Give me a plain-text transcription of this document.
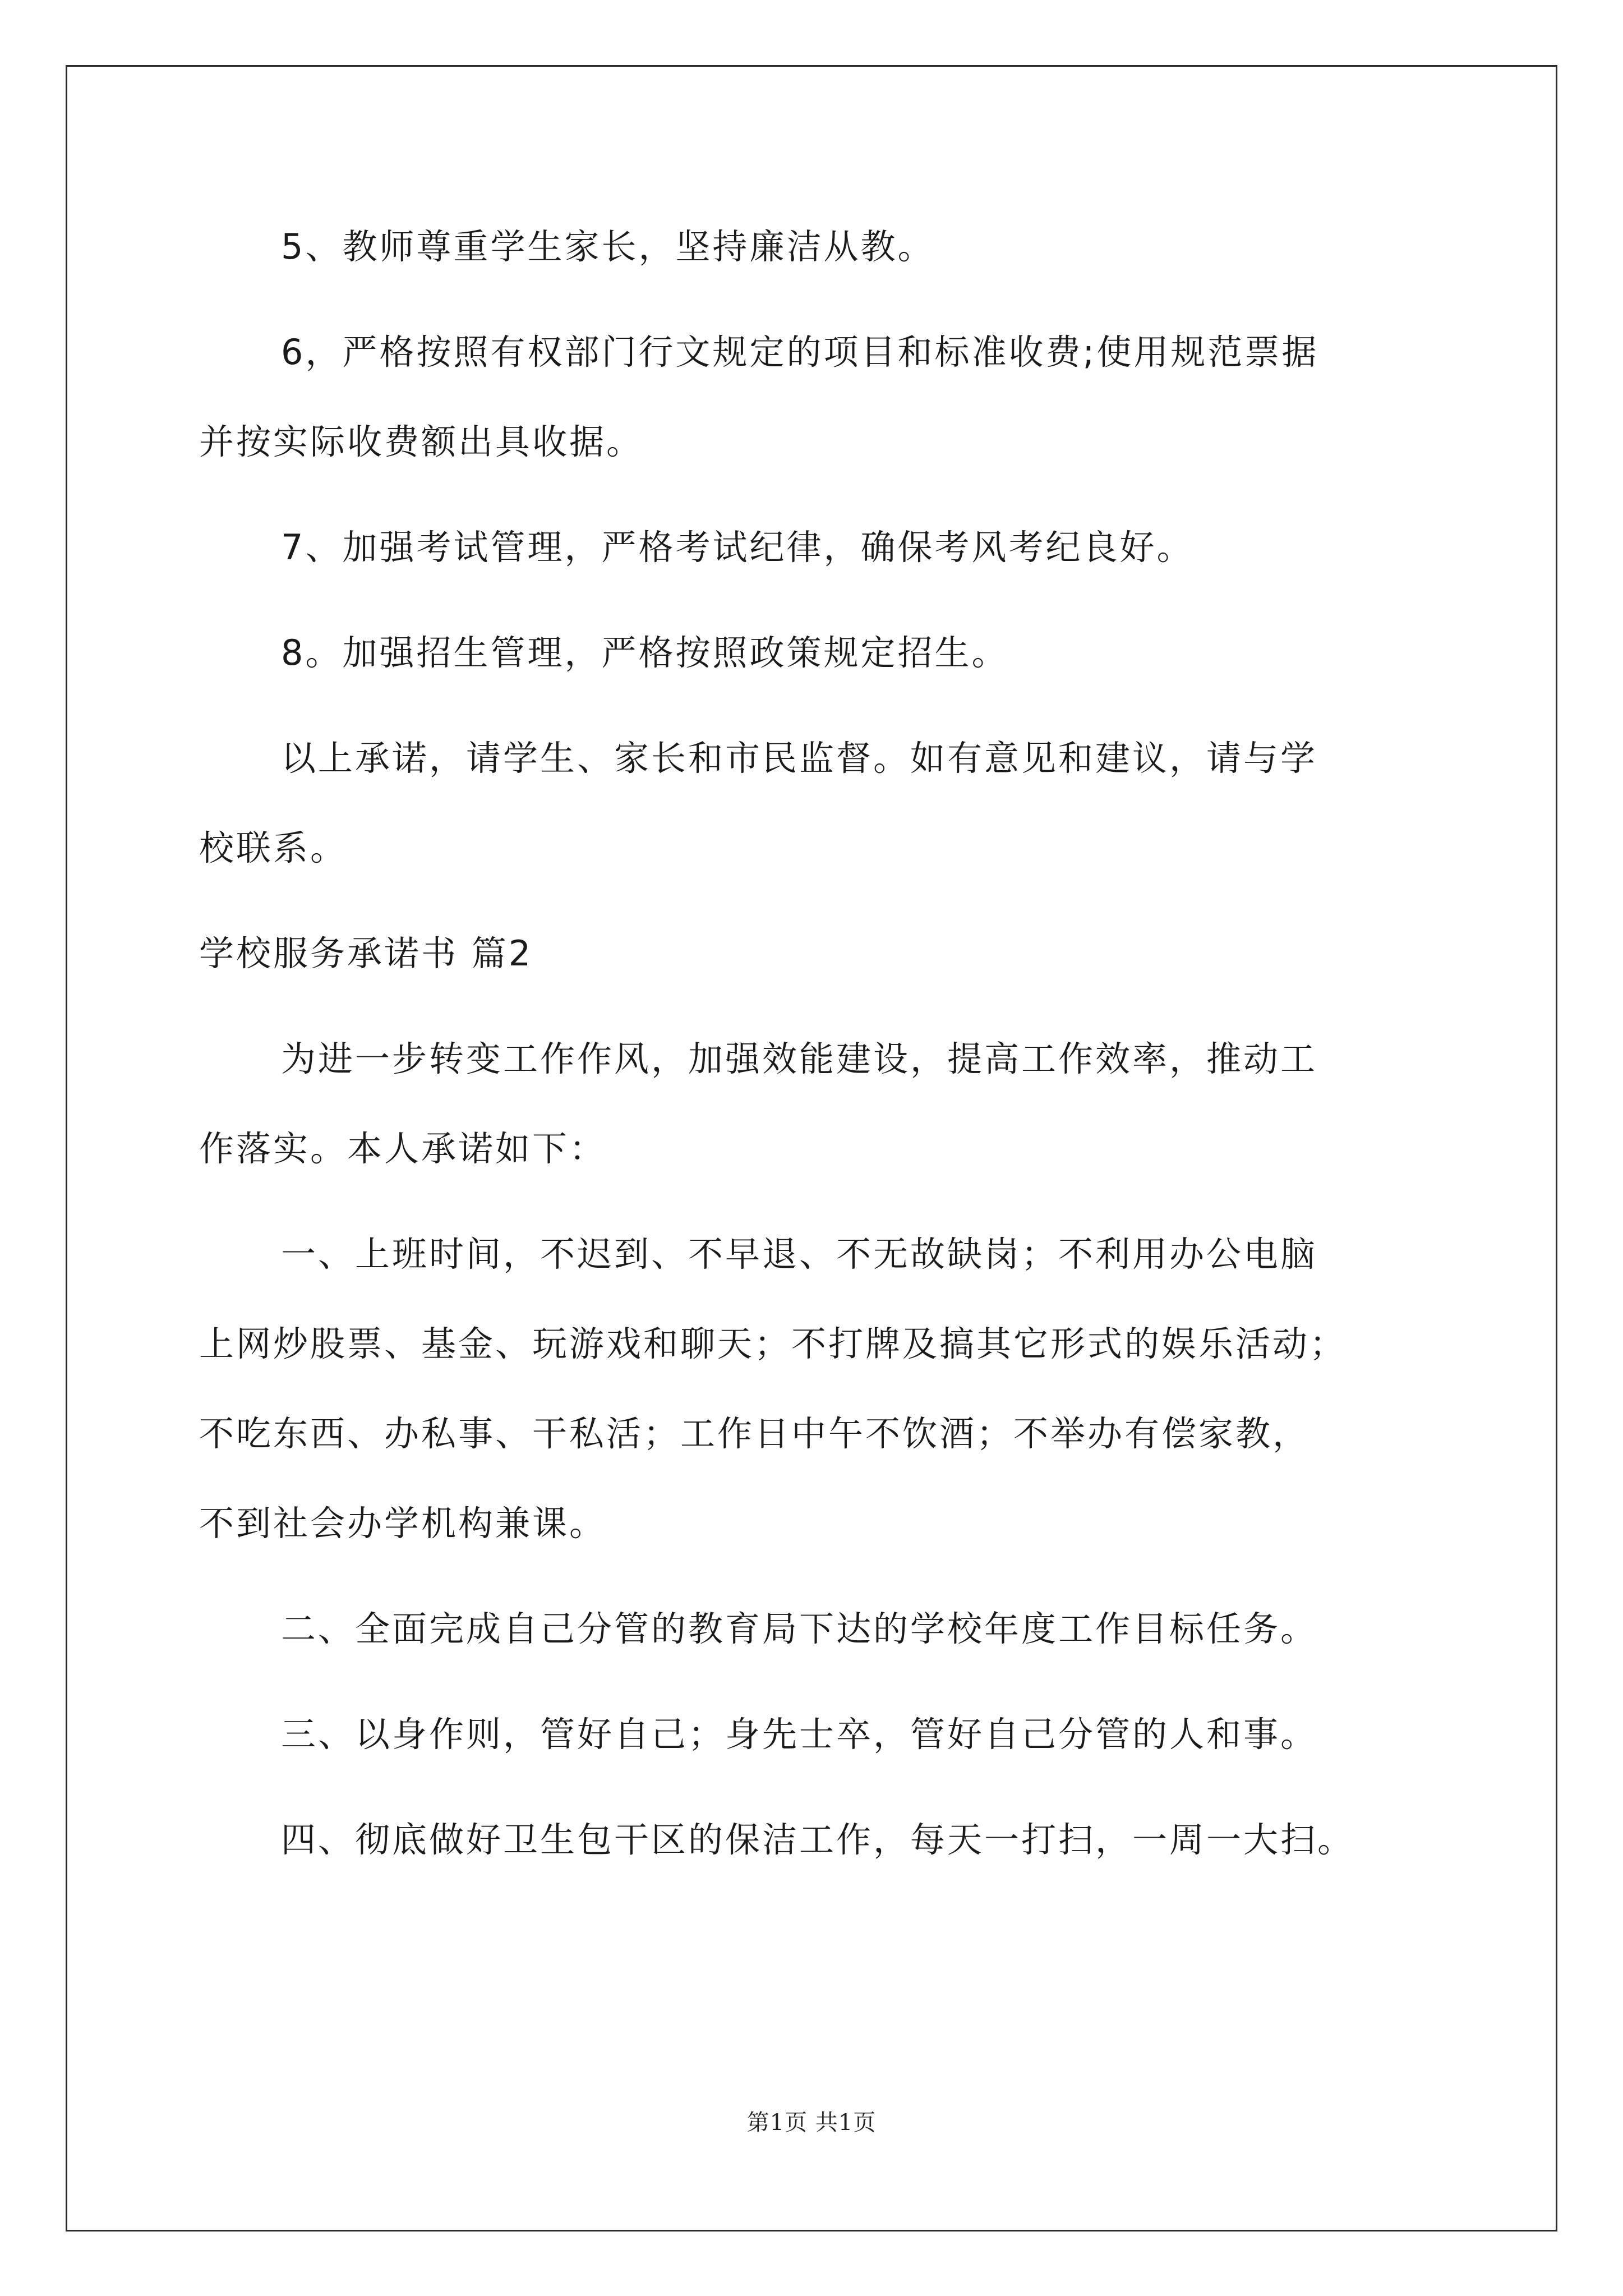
5、教师尊重学生家长，坚持廉洁从教。
6，严格按照有权部门行文规定的项目和标准收费;使用规范票据
并按实际收费额出具收据。
7、加强考试管理，严格考试纪律，确保考风考纪良好。
8。加强招生管理，严格按照政策规定招生。
以上承诺，请学生、家长和市民监督。如有意见和建议，请与学
校联系。
学校服务承诺书 篇2
为进一步转变工作作风，加强效能建设，提高工作效率，推动工
作落实。本人承诺如下：
一、上班时间，不迟到、不早退、不无故缺岗；不利用办公电脑
上网炒股票、基金、玩游戏和聊天；不打牌及搞其它形式的娱乐活动；
不吃东西、办私事、干私活；工作日中午不饮酒；不举办有偿家教，
不到社会办学机构兼课。
二、全面完成自己分管的教育局下达的学校年度工作目标任务。
三、以身作则，管好自己；身先士卒，管好自己分管的人和事。
四、彻底做好卫生包干区的保洁工作，每天一打扫，一周一大扫。
第1页 共1页
